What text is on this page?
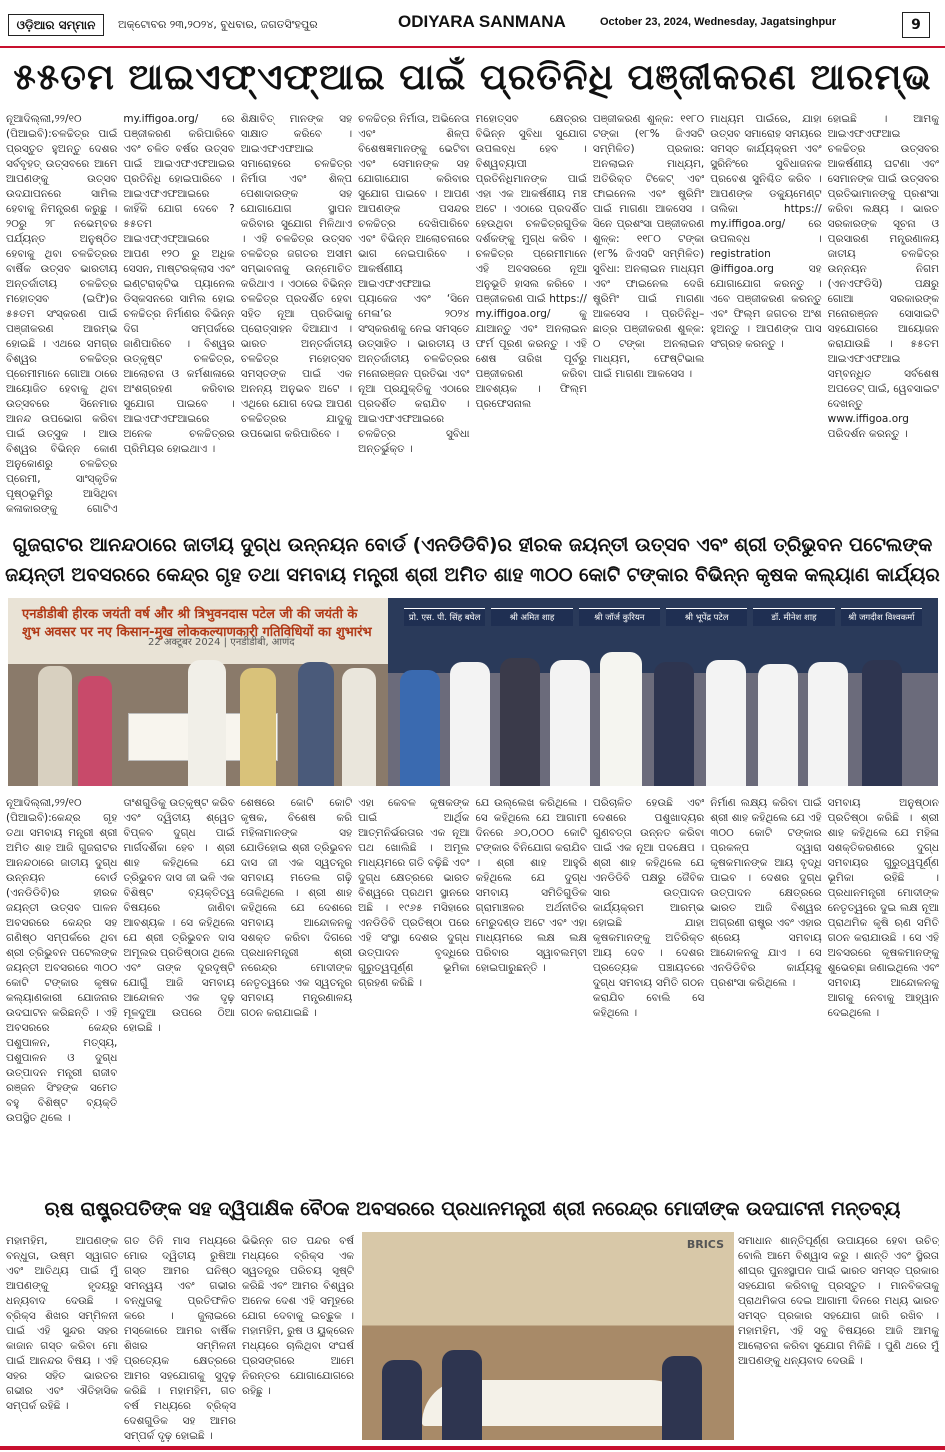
ଓଡ଼ିଆର ସମ୍ମାନ	ଅକ୍ଟୋବର ୨୩,୨୦୨୪, ବୁଧବାର, ଜଗତସିଂହପୁର	ODIYARA SANMANA	October 23, 2024, Wednesday, Jagatsinghpur	9
୫୫ତମ ଆଇଏଫ୍‌ଏଫ୍‌ଆଇ ପାଇଁ ପ୍ରତିନିଧି ପଞ୍ଜୀକରଣ ଆରମ୍ଭ
ନୂଆଦିଲ୍ଲୀ,୨୨/୧୦ (ପିଆଇବି):ଚଳଚ୍ଚିତ୍ର ପାଇଁ ପ୍ରସ୍ତୁତ ହୁଅନ୍ତୁ ଦେଶର ସର୍ବବୃହତ୍ ଉତ୍ସବରେ ଆମେ ଆପଣଙ୍କୁ ଉତ୍ସବ ଉଦଯାପନରେ ସାମିଲ ହେବାକୁ ନିମନ୍ତ୍ରଣ କରୁଛୁ । ୨୦ରୁ ୨୮ ନଭେମ୍ବର ପର୍ଯ୍ୟନ୍ତ ଅନୁଷ୍ଠିତ ହେବାକୁ ଥିବା ଚଳଚ୍ଚିତ୍ରର ବାର୍ଷିକ ଉତ୍ସବ ଭାରତୀୟ ଅନ୍ତର୍ଜାତୀୟ ଚଳଚ୍ଚିତ୍ର ମହୋତ୍ସବ (ଇଫି)ର ୫୫ତମ ସଂସ୍କରଣ ପାଇଁ ପଞ୍ଜୀକରଣ ଆରମ୍ଭ ହୋଇଛି । ଏଥରେ ସମଗ୍ର ବିଶ୍ୱର ଚଳଚ୍ଚିତ୍ର ପ୍ରେମୀମାନେ ଗୋଆ ଠାରେ ଆୟୋଜିତ ହେବାକୁ ଥିବା ଉତ୍ସବରେ ସିନେମାର ଆନନ୍ଦ ଉପଭୋଗ କରିବା ପାଇଁ ଉତ୍ସୁକ । ଆଉ ବିଶ୍ୱର ବିଭିନ୍ନ କୋଣ ଅନୁକୋଣରୁ ଚଳଚ୍ଚିତ୍ର ପ୍ରେମୀ, ସାଂସ୍କୃତିକ ପୃଷ୍ଠଭୂମିରୁ ଆସିଥିବା କଳାକାରଙ୍କୁ ଗୋଟିଏ
my.iffigoa.org/ ରେ ପଞ୍ଜୀକରଣ କରିପାରିବେ ଏବଂ ଚଳିତ ବର୍ଷର ଉତ୍ସବ ପାଇଁ ଆଇଏଫଏଫଆଇର ପ୍ରତିନିଧି ହୋଇପାରିବେ । ଆଇଏଫଏଫଆଇରେ କାହିଁକି ଯୋଗ ଦେବେ ? ୫୫ତମ ଆଇଏଫ୍‌ଏଫ୍‌ଆଇରେ ଆପଣ ୧୨୦ ରୁ ଅଧିକ ସେସନ, ମାଷ୍ଟରକ୍ଲାସ ଏବଂ ଇଣ୍ଟରାକ୍ଟିଭ ପ୍ୟାନେଲ ଡିସ୍କସନରେ ସାମିଲ ହୋଇ ଚଳଚ୍ଚିତ୍ର ନିର୍ମାଣର ବିଭିନ୍ନ ଦିଗ ସମ୍ପର୍କରେ ଜାଣିପାରିବେ । ବିଶ୍ୱର ଉତ୍କୃଷ୍ଟ ଚଳଚ୍ଚିତ୍ର, ଆଲୋଚନା ଓ କର୍ମଶାଳାରେ ଅଂଶଗ୍ରହଣ କରିବାର ସୁଯୋଗ ପାଇବେ । ଆଇଏଫଏଫଆଇରେ ଅନେକ ଚଳଚ୍ଚିତ୍ରର ପ୍ରିମିୟର ହୋଇଥାଏ ।
ଶିକ୍ଷାବିତ୍ ମାନଙ୍କ ସହ ସାକ୍ଷାତ କରିବେ । ଆଇଏଫଏଫଆଇ ସମାରୋହରେ ଚଳଚ୍ଚିତ୍ର ନିର୍ମାତା ଏବଂ ଶିଳ୍ପ ପେଶାଦାରଙ୍କ ସହ ଯୋଗାଯୋଗ ସ୍ଥାପନ କରିବାର ସୁଯୋଗ ମିଳିଥାଏ । ଏହି ଚଳଚ୍ଚିତ୍ର ଉତ୍ସବ ଚଳଚ୍ଚିତ୍ର ଜଗତର ଅସୀମ ସମ୍ଭାବନାକୁ ଉନ୍ମୋଚିତ କରିଥାଏ । ଏଠାରେ ବିଭିନ୍ନ ଚଳଚ୍ଚିତ୍ର ପ୍ରଦର୍ଶିତ ହେବା ସହିତ ନୂଆ ପ୍ରତିଭାକୁ ପ୍ରୋତ୍ସାହନ ଦିଆଯାଏ । ଭାରତ ଅନ୍ତର୍ଜାତୀୟ ଚଳଚ୍ଚିତ୍ର ମହୋତ୍ସବ ସମସ୍ତଙ୍କ ପାଇଁ ଏକ ଅନନ୍ୟ ଅନୁଭବ ଅଟେ । ଏଥିରେ ଯୋଗ ଦେଇ ଆପଣ ଚଳଚ୍ଚିତ୍ରର ଯାଦୁକୁ ଉପଭୋଗ କରିପାରିବେ ।
ଚଳଚ୍ଚିତ୍ର ନିର୍ମାତା, ଅଭିନେତା ଏବଂ ଶିଳ୍ପ ବିଶେଷଜ୍ଞମାନଙ୍କୁ ଭେଟିବା ଏବଂ ସେମାନଙ୍କ ସହ ଯୋଗାଯୋଗ କରିବାର ସୁଯୋଗ ପାଇବେ । ଆପଣ ଆପଣଙ୍କ ପସନ୍ଦର ଚଳଚ୍ଚିତ୍ର ଦେଖିପାରିବେ ଏବଂ ବିଭିନ୍ନ ଆଲୋଚନାରେ ଭାଗ ନେଇପାରିବେ । ଆକର୍ଷଣୀୟ ଆଇଏଫଏଫଆଇ ପ୍ୟାକେଜ ଏବଂ ‘ସିନେ ମେଳା’ର ୨୦୨୪ ସଂସ୍କରଣକୁ ନେଇ ସମସ୍ତେ ଉତ୍ସାହିତ । ଭାରତୀୟ ଓ ଅନ୍ତର୍ଜାତୀୟ ଚଳଚ୍ଚିତ୍ରର ମନୋରଞ୍ଜନ ପ୍ରତିଭା ଏବଂ ନୂଆ ପ୍ରଯୁକ୍ତିକୁ ଏଠାରେ ପ୍ରଦର୍ଶିତ କରାଯିବ । ଆଇଏଫଏଫଆଇରେ ଚଳଚ୍ଚିତ୍ର ସୁବିଧା ଅନ୍ତର୍ଭୁକ୍ତ ।
ମହୋତ୍ସବ କ୍ଷେତ୍ରର ବିଭିନ୍ନ ସୁବିଧା ସୁଯୋଗ ଉପଲବ୍ଧ ହେବ । ବିଶ୍ୱବ୍ୟାପୀ ପ୍ରତିନିଧିମାନଙ୍କ ପାଇଁ ଏହା ଏକ ଆକର୍ଷଣୀୟ ମଞ୍ଚ ଅଟେ । ଏଠାରେ ପ୍ରଦର୍ଶିତ ହେଉଥିବା ଚଳଚ୍ଚିତ୍ରଗୁଡିକ ଦର୍ଶକଙ୍କୁ ମୁଗ୍ଧ କରିବ । ଚଳଚ୍ଚିତ୍ର ପ୍ରେମୀମାନେ ଏହି ଅବସରରେ ନୂଆ ଅନୁଭୂତି ହାସଲ କରିବେ । ପଞ୍ଜୀକରଣ ପାଇଁ https:// my.iffigoa.org/ କୁ ଯାଆନ୍ତୁ ଏବଂ ଅନଲାଇନ ଫର୍ମ ପୂରଣ କରନ୍ତୁ । ଏହି ଶେଷ ତାରିଖ ପୂର୍ବରୁ ପଞ୍ଜୀକରଣ କରିବା ଆବଶ୍ୟକ । ଫିଲ୍ମ ପ୍ରଫେସନାଲ
ପଞ୍ଜୀକରଣ ଶୁଳ୍କ: ୧୧୮୦ ଟଙ୍କା (୧୮% ଜିଏସଟି ସମ୍ମିଳିତ) ପ୍ରକାର: ଅନଲାଇନ ମାଧ୍ୟମ, ଅତିରିକ୍ତ ଟିକେଟ୍ ଏବଂ ଫାଇନେଲ ଏବଂ ଷ୍ଟ୍ରିମିଂ ପାଇଁ ମାଗଣା ଆକସେସ । ସିନେ ପ୍ରଶଂସା ପଞ୍ଜୀକରଣ ଶୁଳ୍କ: ୧୧୮୦ ଟଙ୍କା (୧୮% ଜିଏସଟି ସମ୍ମିଳିତ) ସୁବିଧା: ଅନଲାଇନ ମାଧ୍ୟମ ଏବଂ ଫାଇନେଲ ଦେଖି ଷ୍ଟ୍ରିମିଂ ପାଇଁ ମାଗଣା ଆକସେସ । ପ୍ରତିନିଧି– ଛାତ୍ର ପଞ୍ଜୀକରଣ ଶୁଳ୍କ: ୦ ଟଙ୍କା ଅନଲାଇନ ମାଧ୍ୟମ, ଫେଷ୍ଟିଭାଲ ପାଇଁ ମାଗଣା ଆକସେସ ।
ମାଧ୍ୟମ ପାଇଁରେ, ଯାହା ଉତ୍ସବ ସମାରୋହ ସମୟରେ ସମସ୍ତ କାର୍ଯ୍ୟକ୍ରମ ଏବଂ ସ୍କ୍ରିନିଂରେ ସୁବିଧାଜନକ ପ୍ରବେଶ ସୁନିଶ୍ଚିତ କରିବ । ଆପଣଙ୍କ ଡକ୍ୟୁମେଣ୍ଟ ତାଲିକା https:// my.iffigoa.org/ ରେ ଉପଲବ୍ଧ । registration @iffigoa.org ସହ ଯୋଗାଯୋଗ କରନ୍ତୁ । ଏବେ ପଞ୍ଜୀକରଣ କରନ୍ତୁ ଏବଂ ଫିଲ୍ମ ଜଗତର ଅଂଶ ହୁଅନ୍ତୁ । ଆପଣଙ୍କ ପାସ ସଂଗ୍ରହ କରନ୍ତୁ ।
ହୋଇଛି । ଆମକୁ ଆଇଏଫଏଫଆଇ ଚଳଚ୍ଚିତ୍ର ଉତ୍ସବର ଆକର୍ଷଣୀୟ ଘଟଣା ଏବଂ ସେମାନଙ୍କ ପାଇଁ ଉତ୍ସବର ପ୍ରତିଭାମାନଙ୍କୁ ପ୍ରଶଂସା କରିବା ଲକ୍ଷ୍ୟ । ଭାରତ ସରକାରଙ୍କ ସୂଚନା ଓ ପ୍ରସାରଣ ମନ୍ତ୍ରଣାଳୟ ଜାତୀୟ ଚଳଚ୍ଚିତ୍ର ଉନ୍ନୟନ ନିଗମ (ଏନଏଫଡିସି) ପକ୍ଷରୁ ଗୋଆ ସରକାରଙ୍କ ମନୋରଞ୍ଜନ ସୋସାଇଟି ସହଯୋଗରେ ଆୟୋଜନ କରାଯାଉଛି । ୫୫ତମ ଆଇଏଫଏଫଆଇ ସମ୍ବନ୍ଧିତ ସର୍ବଶେଷ ଅପଡେଟ୍ ପାଇଁ, ୱେବସାଇଟ ଦେଖନ୍ତୁ www.iffigoa.org ପରିଦର୍ଶନ କରନ୍ତୁ ।
ଗୁଜରାଟର ଆନନ୍ଦଠାରେ ଜାତୀୟ ଦୁଗ୍ଧ ଉନ୍ନୟନ ବୋର୍ଡ (ଏନଡିଡିବି)ର ହୀରକ ଜୟନ୍ତୀ ଉତ୍ସବ ଏବଂ ଶ୍ରୀ ତ୍ରିଭୁବନ ପଟେଲଙ୍କ ଜୟନ୍ତୀ ଅବସରରେ କେନ୍ଦ୍ର ଗୃହ ତଥା ସମବାୟ ମନ୍ତ୍ରୀ ଶ୍ରୀ ଅମିତ ଶାହ ୩୦୦ କୋଟି ଟଙ୍କାର ବିଭିନ୍ନ କୃଷକ କଲ୍ୟାଣ କାର୍ଯ୍ୟର
एनडीडीबी हीरक जयंती वर्ष और श्री त्रिभुवनदास पटेल जी की जयंती के शुभ अवसर पर नए किसान-मुख लोककल्याणकारी गतिविधियों का शुभारंभ
22 अक्टूबर 2024 | एनडीडीबी, आणंद
प्रो. एस. पी. सिंह बघेल	श्री अमित शाह	श्री जॉर्ज कुरियन	श्री भूपेंद्र पटेल	डॉ. मीनेश शाह	श्री जगदीश विश्वकर्मा
ନୂଆଦିଲ୍ଲୀ,୨୨/୧୦ (ପିଆଇବି):କେନ୍ଦ୍ର ଗୃହ ତଥା ସମବାୟ ମନ୍ତ୍ରୀ ଶ୍ରୀ ଅମିତ ଶାହ ଆଜି ଗୁଜରାଟର ଆନନ୍ଦଠାରେ ଜାତୀୟ ଦୁଗ୍ଧ ଉନ୍ନୟନ ବୋର୍ଡ (ଏନଡିଡିବି)ର ହୀରକ ଜୟନ୍ତୀ ଉତ୍ସବ ପାଳନ ଅବସରରେ କେନ୍ଦ୍ର ସହ ଗଣିଷ୍ଠ ସମ୍ପର୍କରେ ଥିବା ଶ୍ରୀ ତ୍ରିଭୁବନ ପଟେଲଙ୍କ ଜୟନ୍ତୀ ଅବସରରେ ୩୦୦ କୋଟି ଟଙ୍କାର କୃଷକ କଲ୍ୟାଣକାରୀ ଯୋଜନାର ଉଦଘାଟନ କରିଛନ୍ତି । ଏହି ଅବସରରେ କେନ୍ଦ୍ର ପଶୁପାଳନ, ମତ୍ସ୍ୟ, ପଶୁପାଳନ ଓ ଦୁଗ୍ଧ ଉତ୍ପାଦନ ମନ୍ତ୍ରୀ ରାଜୀବ ରଞ୍ଜନ ସିଂହଙ୍କ ସମେତ ବହୁ ବିଶିଷ୍ଟ ବ୍ୟକ୍ତି ଉପସ୍ଥିତ ଥିଲେ ।
ତାଂଶଗୁଡିକୁ ଉତ୍କୃଷ୍ଟ କରିବ ଏବଂ ଦ୍ୱିତୀୟ ଶ୍ୱେତ ବିପ୍ଳବ ଦୁଗ୍ଧ ପାଇଁ ମାର୍ଗଦର୍ଶିକା ହେବ । ଶ୍ରୀ ଶାହ କହିଥିଲେ ଯେ ତ୍ରିଭୁବନ ଦାସ ଜୀ ଭଳି ଏକ ବିଶିଷ୍ଟ ବ୍ୟକ୍ତିତ୍ୱ ବିଷୟରେ ଜାଣିବା ଆବଶ୍ୟକ । ସେ କହିଥିଲେ ଯେ ଶ୍ରୀ ତ୍ରିଭୁବନ ଦାସ ଅମୂଲର ପ୍ରତିଷ୍ଠାତା ଥିଲେ ଏବଂ ତାଙ୍କ ଦୂରଦୃଷ୍ଟି ଯୋଗୁଁ ଆଜି ସମବାୟ ଆନ୍ଦୋଳନ ଏକ ଦୃଢ଼ ମୂଳଦୁଆ ଉପରେ ଠିଆ ହୋଇଛି ।
ଶେଷରେ କୋଟି କୋଟି କୃଷକ, ବିଶେଷ କରି ମହିଳାମାନଙ୍କ ସହ ଯୋଡିହୋଇ ଶ୍ରୀ ତ୍ରିଭୁବନ ଦାସ ଜୀ ଏକ ସ୍ୱତନ୍ତ୍ର ସମବାୟ ମଡେଲ ଗଢ଼ି ତୋଳିଥିଲେ । ଶ୍ରୀ ଶାହ କହିଥିଲେ ଯେ ଦେଶରେ ସମବାୟ ଆନ୍ଦୋଳନକୁ ସଶକ୍ତ କରିବା ଦିଗରେ ପ୍ରଧାନମନ୍ତ୍ରୀ ଶ୍ରୀ ନରେନ୍ଦ୍ର ମୋଦୀଙ୍କ ନେତୃତ୍ୱରେ ଏକ ସ୍ୱତନ୍ତ୍ର ସମବାୟ ମନ୍ତ୍ରଣାଳୟ ଗଠନ କରାଯାଇଛି ।
ଏହା କେବଳ କୃଷକଙ୍କ ପାଇଁ ଆର୍ଥିକ ଆତ୍ମନିର୍ଭରତାର ଏକ ନୂଆ ପଥ ଖୋଲିଛି । ଅମୂଲ ମାଧ୍ୟମରେ ଗତି ବଢ଼ିଛି ଏବଂ ଦୁଗ୍ଧ କ୍ଷେତ୍ରରେ ଭାରତ ବିଶ୍ୱରେ ପ୍ରଥମ ସ୍ଥାନରେ ଅଛି । ୧୯୬୫ ମସିହାରେ ଏନଡିଡିବି ପ୍ରତିଷ୍ଠା ପରେ ଏହି ସଂସ୍ଥା ଦେଶର ଦୁଗ୍ଧ ଉତ୍ପାଦନ ବୃଦ୍ଧିରେ ଗୁରୁତ୍ୱପୂର୍ଣ୍ଣ ଭୂମିକା ଗ୍ରହଣ କରିଛି ।
ଯେ ଉଲ୍ଲେଖ କରିଥିଲେ । ସେ କହିଥିଲେ ଯେ ଆଗାମୀ ଦିନରେ ୬୦,୦୦୦ କୋଟି ଟଙ୍କାର ବିନିଯୋଗ କରାଯିବ । ଶ୍ରୀ ଶାହ ଆହୁରି କହିଥିଲେ ଯେ ଦୁଗ୍ଧ ସମବାୟ ସମିତିଗୁଡିକ ଗ୍ରାମାଞ୍ଚଳର ଅର୍ଥନୀତିର ମେରୁଦଣ୍ଡ ଅଟେ ଏବଂ ଏହା ମାଧ୍ୟମରେ ଲକ୍ଷ ଲକ୍ଷ ପରିବାର ସ୍ୱାବଲମ୍ବୀ ହୋଇପାରୁଛନ୍ତି ।
ପରିଚାଳିତ ହେଉଛି ଏବଂ ଦେଶରେ ପଶୁଖାଦ୍ୟର ଗୁଣବତ୍ତା ଉନ୍ନତ କରିବା ପାଇଁ ଏକ ନୂଆ ପଦକ୍ଷେପ । ଶ୍ରୀ ଶାହ କହିଥିଲେ ଯେ ଏନଡିଡିବି ପକ୍ଷରୁ ଜୈବିକ ସାର ଉତ୍ପାଦନ କାର୍ଯ୍ୟକ୍ରମ ଆରମ୍ଭ ହୋଇଛି ଯାହା କୃଷକମାନଙ୍କୁ ଅତିରିକ୍ତ ଆୟ ଦେବ । ଦେଶର ପ୍ରତ୍ୟେକ ପଞ୍ଚାୟତରେ ଦୁଗ୍ଧ ସମବାୟ ସମିତି ଗଠନ କରାଯିବ ବୋଲି ସେ କହିଥିଲେ ।
ନିର୍ମାଣ ଲକ୍ଷ୍ୟ କରିବା ପାଇଁ ଶ୍ରୀ ଶାହ କହିଥିଲେ ଯେ ଏହି ୩୦୦ କୋଟି ଟଙ୍କାର ପ୍ରକଳ୍ପ ଦ୍ୱାରା କୃଷକମାନଙ୍କ ଆୟ ବୃଦ୍ଧି ପାଇବ । ଦେଶର ଦୁଗ୍ଧ ଉତ୍ପାଦନ କ୍ଷେତ୍ରରେ ଭାରତ ଆଜି ବିଶ୍ୱର ଅଗ୍ରଣୀ ରାଷ୍ଟ୍ର ଏବଂ ଏହାର ଶ୍ରେୟ ସମବାୟ ଆନ୍ଦୋଳନକୁ ଯାଏ । ସେ ଏନଡିଡିବିର କାର୍ଯ୍ୟକୁ ପ୍ରଶଂସା କରିଥିଲେ ।
ସମବାୟ ଅନୁଷ୍ଠାନ ପ୍ରତିଷ୍ଠା କରିଛି । ଶ୍ରୀ ଶାହ କହିଥିଲେ ଯେ ମହିଳା ସଶକ୍ତିକରଣରେ ଦୁଗ୍ଧ ସମବାୟର ଗୁରୁତ୍ୱପୂର୍ଣ୍ଣ ଭୂମିକା ରହିଛି । ପ୍ରଧାନମନ୍ତ୍ରୀ ମୋଦୀଙ୍କ ନେତୃତ୍ୱରେ ଦୁଇ ଲକ୍ଷ ନୂଆ ପ୍ରାଥମିକ କୃଷି ଋଣ ସମିତି ଗଠନ କରାଯାଉଛି । ସେ ଏହି ଅବସରରେ କୃଷକମାନଙ୍କୁ ଶୁଭେଚ୍ଛା ଜଣାଇଥିଲେ ଏବଂ ସମବାୟ ଆନ୍ଦୋଳନକୁ ଆଗକୁ ନେବାକୁ ଆହ୍ୱାନ ଦେଇଥିଲେ ।
ଋଷ ରାଷ୍ଟ୍ରପତିଙ୍କ ସହ ଦ୍ୱିପାକ୍ଷିକ ବୈଠକ ଅବସରରେ ପ୍ରଧାନମନ୍ତ୍ରୀ ଶ୍ରୀ ନରେନ୍ଦ୍ର ମୋଦୀଙ୍କ ଉଦଘାଟନୀ ମନ୍ତବ୍ୟ
ମହାମହିମ, ଆପଣଙ୍କ ବନ୍ଧୁତା, ଉଷ୍ମ ସ୍ୱାଗତ ଏବଂ ଆତିଥ୍ୟ ପାଇଁ ମୁଁ ଆପଣଙ୍କୁ ହୃଦୟରୁ ଧନ୍ୟବାଦ ଦେଉଛି । ବ୍ରିକ୍ସ ଶିଖର ସମ୍ମିଳନୀ ପାଇଁ ଏହି ସୁନ୍ଦର ସହର କାଜାନ ଗସ୍ତ କରିବା ମୋ ପାଇଁ ଆନନ୍ଦର ବିଷୟ । ଏହି ସହର ସହିତ ଭାରତର ଗଭୀର ଏବଂ ଐତିହାସିକ ସମ୍ପର୍କ ରହିଛି ।
ଗତ ତିନି ମାସ ମଧ୍ୟରେ ମୋର ଦ୍ୱିତୀୟ ରୁଷିଆ ଗସ୍ତ ଆମର ଘନିଷ୍ଠ ସମନ୍ୱୟ ଏବଂ ଗଭୀର ବନ୍ଧୁତାକୁ ପ୍ରତିଫଳିତ କରେ । ଜୁଲାଇରେ ମସ୍କୋରେ ଆମର ବାର୍ଷିକ ଶିଖର ସମ୍ମିଳନୀ ପ୍ରତ୍ୟେକ କ୍ଷେତ୍ରରେ ଆମର ସହଯୋଗକୁ ସୁଦୃଢ଼ କରିଛି । ମହାମହିମ, ଗତ ବର୍ଷ ମଧ୍ୟରେ ବ୍ରିକ୍ସ ଦେଶଗୁଡିକ ସହ ଆମର ସମ୍ପର୍କ ଦୃଢ଼ ହୋଇଛି ।
ଭିଭିନ୍ନ ଗତ ପନ୍ଦର ବର୍ଷ ମଧ୍ୟରେ ବ୍ରିକ୍ସ ଏକ ସ୍ୱତନ୍ତ୍ର ପରିଚୟ ସୃଷ୍ଟି କରିଛି ଏବଂ ଆମର ବିଶ୍ୱର ଅନେକ ଦେଶ ଏହି ସମୂହରେ ଯୋଗ ଦେବାକୁ ଇଚ୍ଛୁକ । ମହାମହିମ, ରୁଷ ଓ ୟୁକ୍ରେନ ମଧ୍ୟରେ ଚାଲିଥିବା ସଂଘର୍ଷ ପ୍ରସଙ୍ଗରେ ଆମେ ନିରନ୍ତର ଯୋଗାଯୋଗରେ ରହିଛୁ ।
ସମାଧାନ ଶାନ୍ତିପୂର୍ଣ୍ଣ ଉପାୟରେ ହେବା ଉଚିତ୍ ବୋଲି ଆମେ ବିଶ୍ୱାସ କରୁ । ଶାନ୍ତି ଏବଂ ସ୍ଥିରତା ଶୀଘ୍ର ପୁନଃସ୍ଥାପନ ପାଇଁ ଭାରତ ସମସ୍ତ ପ୍ରକାର ସହଯୋଗ କରିବାକୁ ପ୍ରସ୍ତୁତ । ମାନବିକତାକୁ ପ୍ରାଥମିକତା ଦେଇ ଆଗାମୀ ଦିନରେ ମଧ୍ୟ ଭାରତ ସମସ୍ତ ପ୍ରକାର ସହଯୋଗ ଜାରି ରଖିବ । ମହାମହିମ, ଏହି ସବୁ ବିଷୟରେ ଆଜି ଆମକୁ ଆଲୋଚନା କରିବା ସୁଯୋଗ ମିଳିଛି । ପୁଣି ଥରେ ମୁଁ ଆପଣଙ୍କୁ ଧନ୍ୟବାଦ ଦେଉଛି ।
BRICS
